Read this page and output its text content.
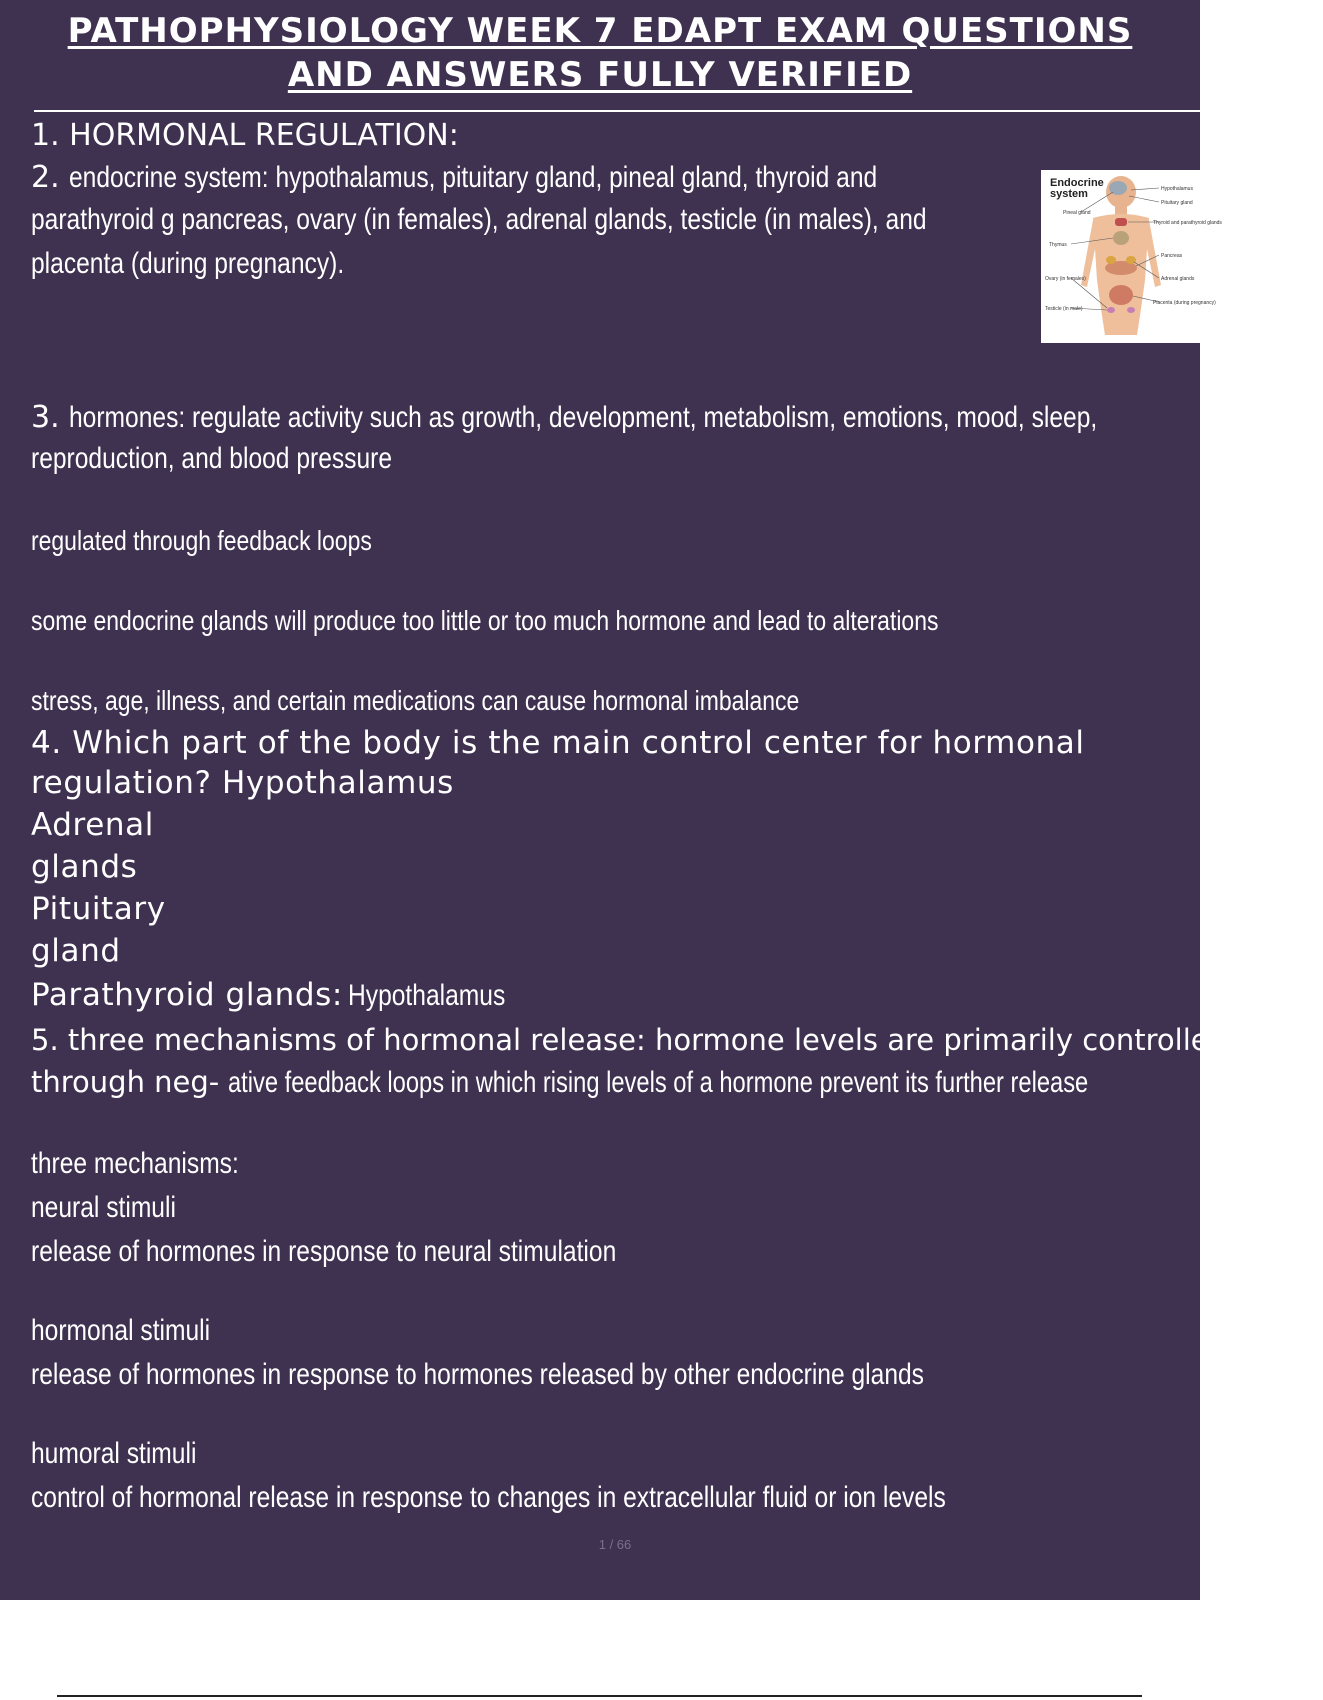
PATHOPHYSIOLOGY WEEK 7 EDAPT EXAM QUESTIONS
AND ANSWERS FULLY VERIFIED
1. HORMONAL REGULATION:
2. endocrine system: hypothalamus, pituitary gland, pineal gland, thyroid and
parathyroid g pancreas, ovary (in females), adrenal glands, testicle (in males), and
placenta (during pregnancy).
Endocrine
system	Hypothalamus
Pituitary gland
Thyroid and parathyroid glands
Pancreas
Adrenal glands
Placenta (during pregnancy)
Pineal gland
Thymus
Ovary (in females)
Testicle (in male)
3. hormones: regulate activity such as growth, development, metabolism, emotions, mood, sleep,
reproduction, and blood pressure
regulated through feedback loops
some endocrine glands will produce too little or too much hormone and lead to alterations
stress, age, illness, and certain medications can cause hormonal imbalance
4. Which part of the body is the main control center for hormonal
regulation? Hypothalamus
Adrenal
glands
Pituitary
gland
Parathyroid glands: Hypothalamus
5. three mechanisms of hormonal release: hormone levels are primarily controlled
through neg- ative feedback loops in which rising levels of a hormone prevent its further release
three mechanisms:
neural stimuli
release of hormones in response to neural stimulation
hormonal stimuli
release of hormones in response to hormones released by other endocrine glands
humoral stimuli
control of hormonal release in response to changes in extracellular fluid or ion levels
1 / 66
